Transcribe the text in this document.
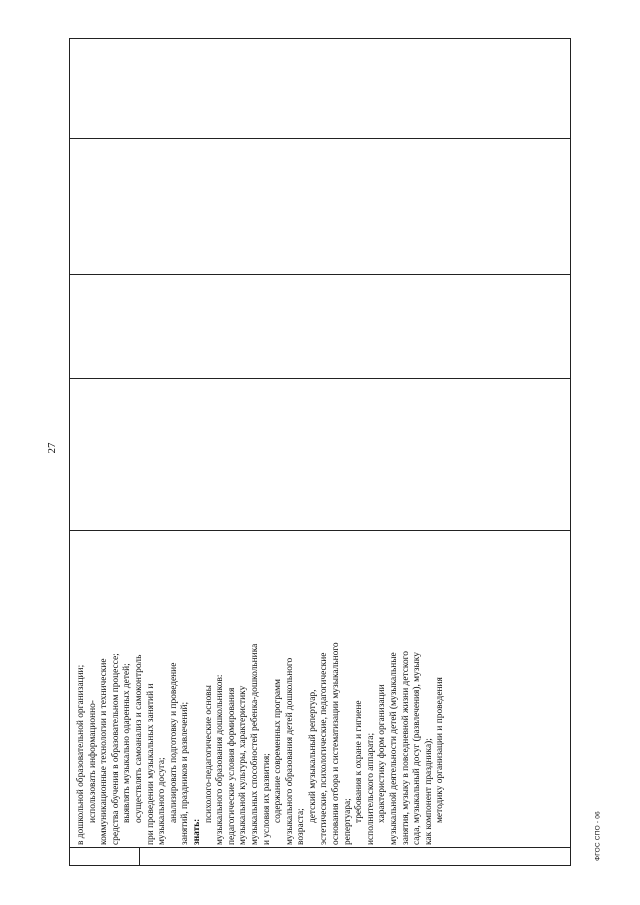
27
в дошкольной образовательной организации; использовать информационно- коммуникационные технологии и технические средства обучения в образовательном процессе; выявлять музыкально одаренных детей; осуществлять самоанализ и самоконтроль при проведении музыкальных занятий и музыкального досуга; анализировать подготовку и проведение занятий, праздников и развлечений; знать:
психолого-педагогические основы музыкального образования дошкольников: педагогические условия формирования музыкальной культуры, характеристику музыкальных способностей ребенка-дошкольника и условия их развития; содержание современных программ музыкального образования детей дошкольного возраста;
детский музыкальный репертуар, эстетические, психологические, педагогические основания отбора и систематизации музыкального репертуара; требования к охране и гигиене исполнительского аппарата; характеристику форм организации музыкальной деятельности детей (музыкальные занятия, музыку в повседневной жизни детского сада, музыкальный досуг (развлечения), музыку как компонент праздника); методику организации и проведения
ФГОС СПО - 06
